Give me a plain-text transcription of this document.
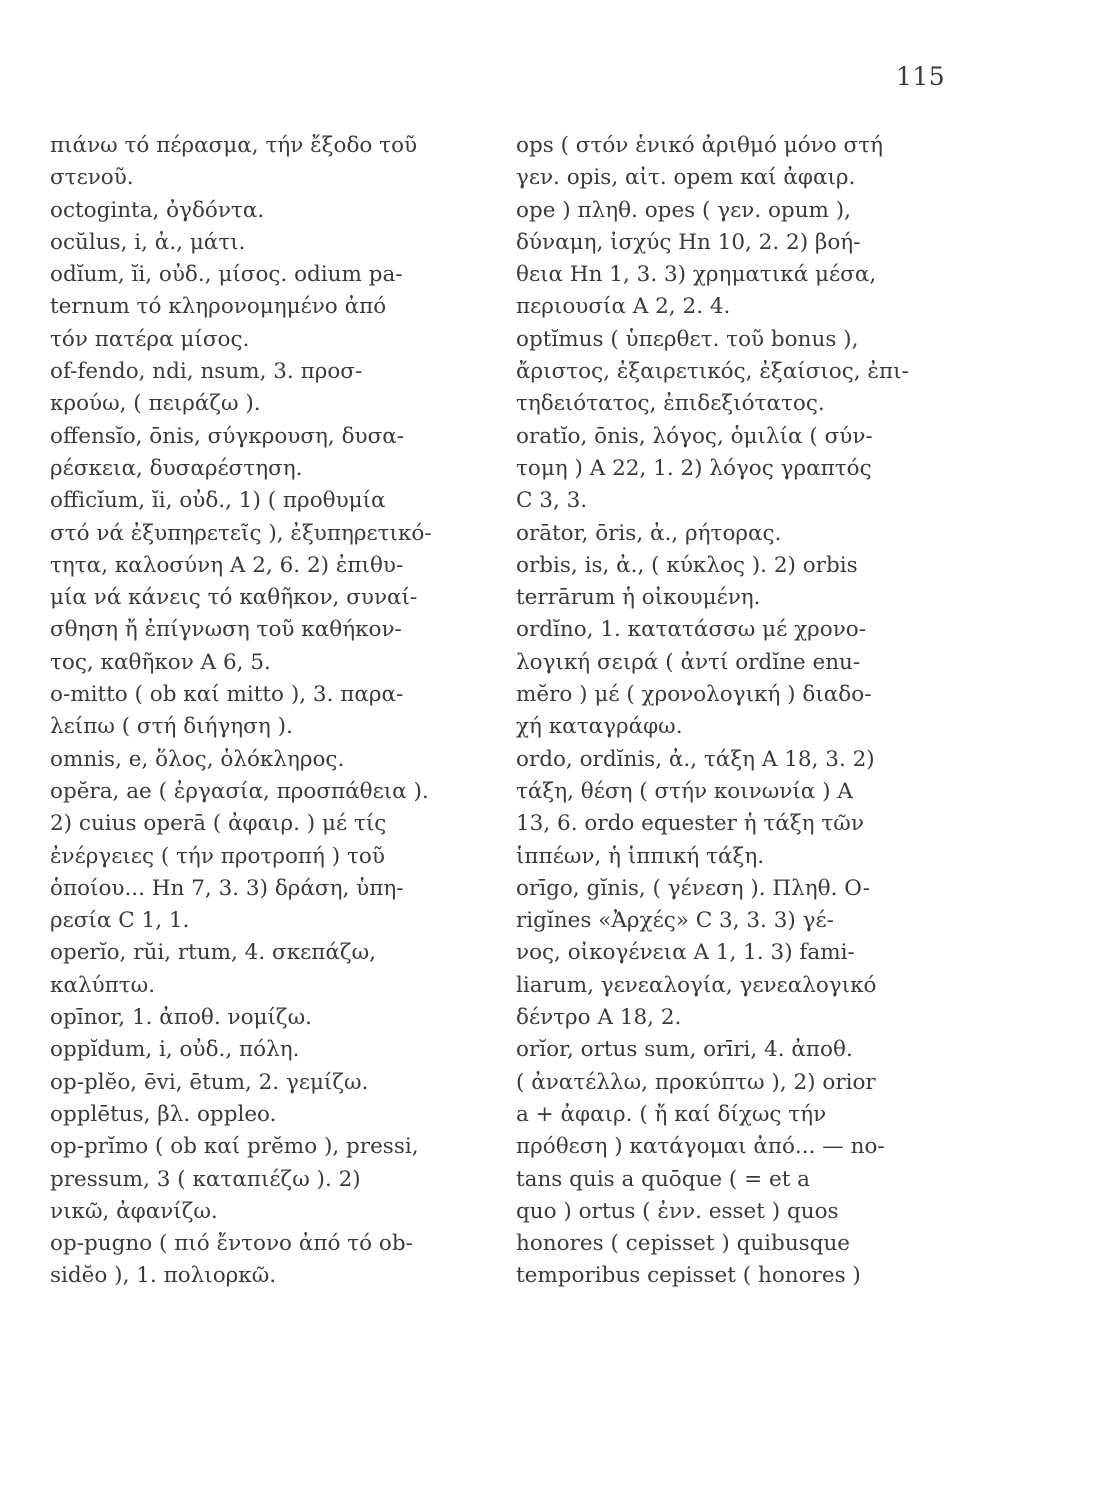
115
πιάνω τό πέρασμα, τήν ἔξοδο τοῦ
στενοῦ.
octoginta, ὀγδόντα.
ocŭlus, i, ἀ., μάτι.
odĭum, ĭi, οὐδ., μίσος. odium pa-
ternum τό κληρονομημένο ἀπό
τόν πατέρα μίσος.
of-fendo, ndi, nsum, 3. προσ-
κρούω, ( πειράζω ).
offensĭo, ōnis, σύγκρουση, δυσα-
ρέσκεια, δυσαρέστηση.
officĭum, ĭi, οὐδ., 1) ( προθυμία
στό νά ἐξυπηρετεῖς ), ἐξυπηρετικό-
τητα, καλοσύνη A 2, 6. 2) ἐπιθυ-
μία νά κάνεις τό καθῆκον, συναί-
σθηση ἤ ἐπίγνωση τοῦ καθήκον-
τος, καθῆκον A 6, 5.
o-mitto ( ob καί mitto ), 3. παρα-
λείπω ( στή διήγηση ).
omnis, e, ὅλος, ὁλόκληρος.
opĕra, ae ( ἐργασία, προσπάθεια ).
2) cuius operā ( ἀφαιρ. ) μέ τίς
ἐνέργειες ( τήν προτροπή ) τοῦ
ὁποίου... Hn 7, 3. 3) δράση, ὑπη-
ρεσία C 1, 1.
operĭo, rŭi, rtum, 4. σκεπάζω,
καλύπτω.
opīnor, 1. ἀποθ. νομίζω.
oppĭdum, i, οὐδ., πόλη.
op-plĕo, ēvi, ētum, 2. γεμίζω.
opplētus, βλ. oppleo.
op-prĭmo ( ob καί prĕmo ), pressi,
pressum, 3 ( καταπιέζω ). 2)
νικῶ, ἀφανίζω.
op-pugno ( πιό ἔντονο ἀπό τό ob-
sidĕo ), 1. πολιορκῶ.
ops ( στόν ἑνικό ἀριθμό μόνο στή
γεν. opis, αἰτ. opem καί ἀφαιρ.
ope ) πληθ. opes ( γεν. opum ),
δύναμη, ἰσχύς Hn 10, 2. 2) βοή-
θεια Hn 1, 3. 3) χρηματικά μέσα,
περιουσία A 2, 2. 4.
optĭmus ( ὑπερθετ. τοῦ bonus ),
ἄριστος, ἐξαιρετικός, ἐξαίσιος, ἐπι-
τηδειότατος, ἐπιδεξιότατος.
oratĭo, ōnis, λόγος, ὁμιλία ( σύν-
τομη ) A 22, 1. 2) λόγος γραπτός
C 3, 3.
orātor, ōris, ἀ., ρήτορας.
orbis, is, ἀ., ( κύκλος ). 2) orbis
terrārum ἡ οἰκουμένη.
ordĭno, 1. κατατάσσω μέ χρονο-
λογική σειρά ( ἀντί ordĭne enu-
mĕro ) μέ ( χρονολογική ) διαδο-
χή καταγράφω.
ordo, ordĭnis, ἀ., τάξη A 18, 3. 2)
τάξη, θέση ( στήν κοινωνία ) A
13, 6. ordo equester ἡ τάξη τῶν
ἱππέων, ἡ ἱππική τάξη.
orīgo, gĭnis, ( γένεση ). Πληθ. O-
rigĭnes «Ἀρχές» C 3, 3. 3) γέ-
νος, οἰκογένεια A 1, 1. 3) fami-
liarum, γενεαλογία, γενεαλογικό
δέντρο A 18, 2.
orĭor, ortus sum, orīri, 4. ἀποθ.
( ἀνατέλλω, προκύπτω ), 2) orior
a + ἀφαιρ. ( ἤ καί δίχως τήν
πρόθεση ) κατάγομαι ἀπό... — no-
tans quis a quōque ( = et a
quo ) ortus ( ἐνν. esset ) quos
honores ( cepisset ) quibusque
temporibus cepisset ( honores )
